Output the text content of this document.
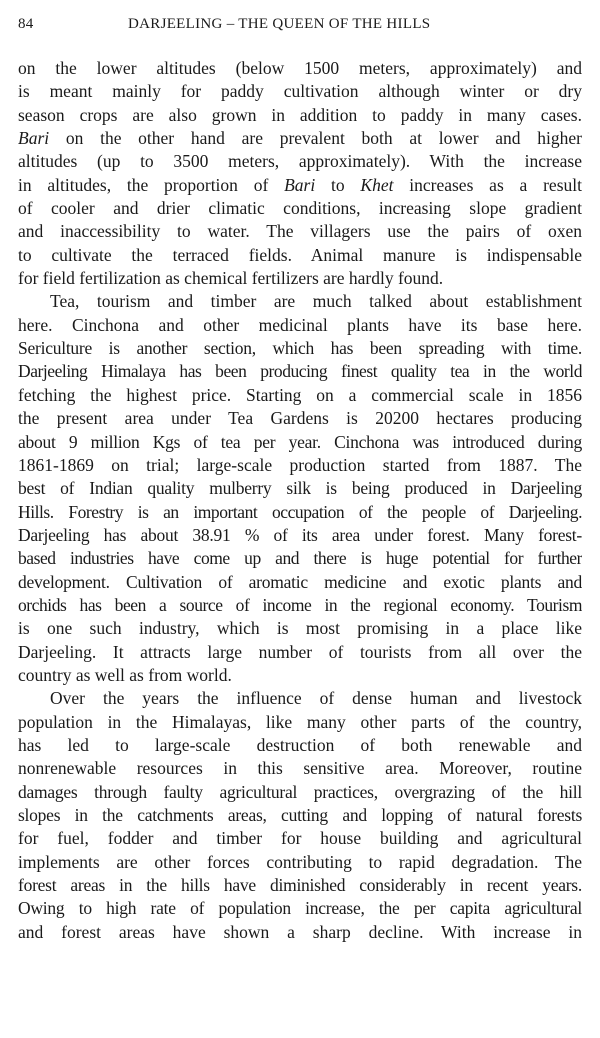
84	DARJEELING – THE QUEEN OF THE HILLS

on the lower altitudes (below 1500 meters, approximately) and
is meant mainly for paddy cultivation although winter or dry
season crops are also grown in addition to paddy in many cases.
Bari on the other hand are prevalent both at lower and higher
altitudes (up to 3500 meters, approximately). With the increase
in altitudes, the proportion of Bari to Khet increases as a result
of cooler and drier climatic conditions, increasing slope gradient
and inaccessibility to water. The villagers use the pairs of oxen
to cultivate the terraced fields. Animal manure is indispensable
for field fertilization as chemical fertilizers are hardly found.

Tea, tourism and timber are much talked about establishment
here. Cinchona and other medicinal plants have its base here.
Sericulture is another section, which has been spreading with time.
Darjeeling Himalaya has been producing finest quality tea in the world
fetching the highest price. Starting on a commercial scale in 1856
the present area under Tea Gardens is 20200 hectares producing
about 9 million Kgs of tea per year. Cinchona was introduced during
1861-1869 on trial; large-scale production started from 1887. The
best of Indian quality mulberry silk is being produced in Darjeeling
Hills. Forestry is an important occupation of the people of Darjeeling.
Darjeeling has about 38.91 % of its area under forest. Many forest-
based industries have come up and there is huge potential for further
development. Cultivation of aromatic medicine and exotic plants and
orchids has been a source of income in the regional economy. Tourism
is one such industry, which is most promising in a place like
Darjeeling. It attracts large number of tourists from all over the
country as well as from world.

Over the years the influence of dense human and livestock
population in the Himalayas, like many other parts of the country,
has led to large-scale destruction of both renewable and
nonrenewable resources in this sensitive area. Moreover, routine
damages through faulty agricultural practices, overgrazing of the hill
slopes in the catchments areas, cutting and lopping of natural forests
for fuel, fodder and timber for house building and agricultural
implements are other forces contributing to rapid degradation. The
forest areas in the hills have diminished considerably in recent years.
Owing to high rate of population increase, the per capita agricultural
and forest areas have shown a sharp decline. With increase in
